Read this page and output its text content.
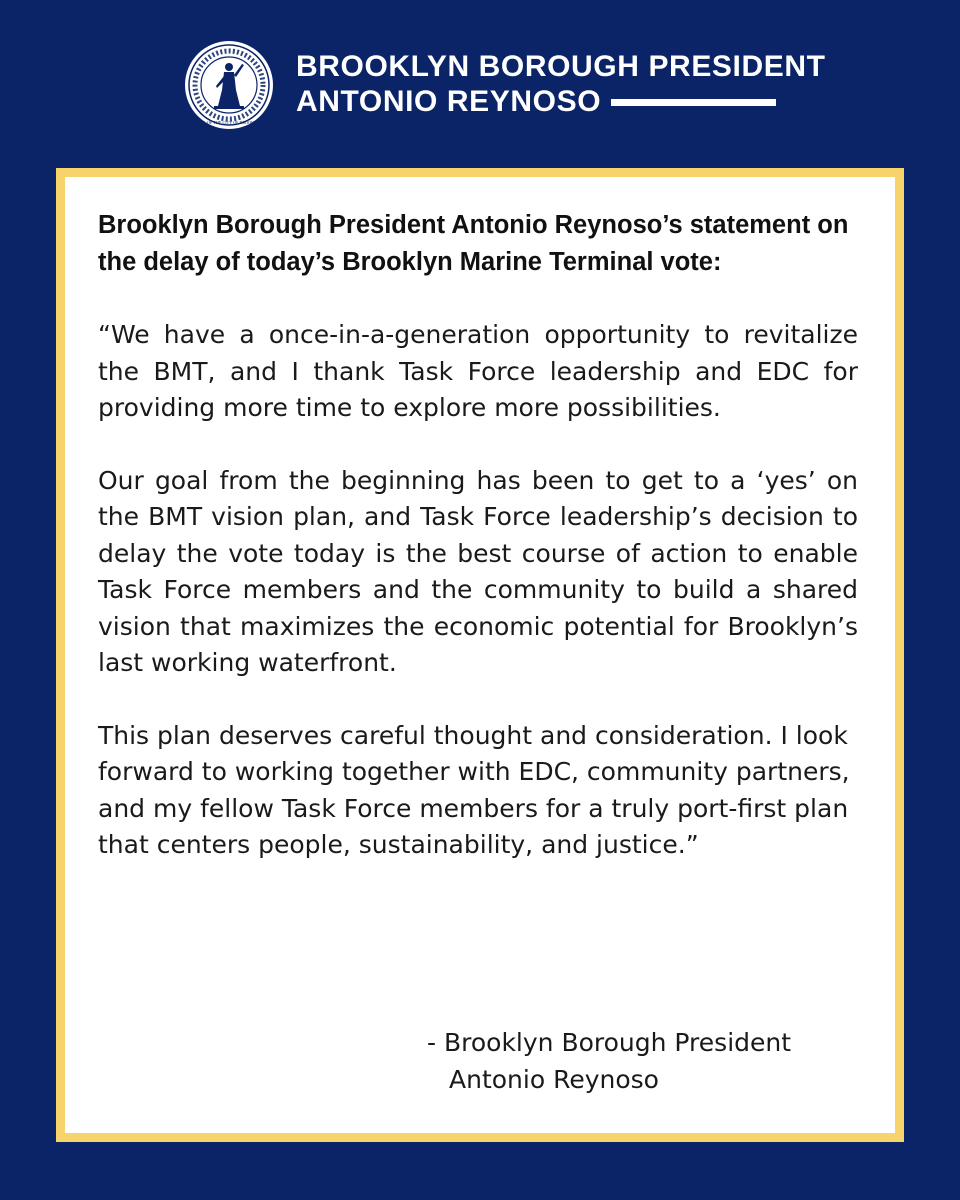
SEAL OF THE CITY OF BROOKLYN
BROOKLYN BOROUGH PRESIDENT
ANTONIO REYNOSO

Brooklyn Borough President Antonio Reynoso’s statement on the delay of today’s Brooklyn Marine Terminal vote:

“We have a once-in-a-generation opportunity to revitalize the BMT, and I thank Task Force leadership and EDC for providing more time to explore more possibilities.

Our goal from the beginning has been to get to a ‘yes’ on the BMT vision plan, and Task Force leadership’s decision to delay the vote today is the best course of action to enable Task Force members and the community to build a shared vision that maximizes the economic potential for Brooklyn’s last working waterfront.

This plan deserves careful thought and consideration. I look forward to working together with EDC, community partners, and my fellow Task Force members for a truly port-first plan that centers people, sustainability, and justice.”

- Brooklyn Borough President
Antonio Reynoso
